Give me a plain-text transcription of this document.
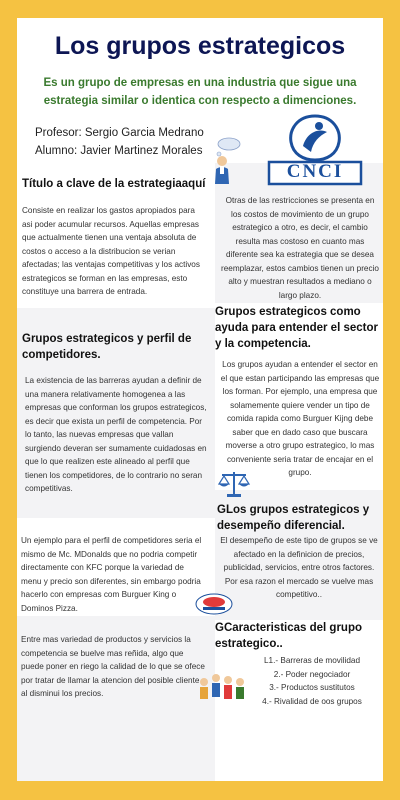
Los grupos estrategicos
Es un grupo de empresas en una industria que sigue una estrategia similar o identica con respecto a dimenciones.
Profesor: Sergio Garcia Medrano
Alumno: Javier Martinez Morales
CNCI
Título a clave de la estrategiaaquí
Consiste en realizar los gastos apropiados para asi poder acumular recursos. Aquellas empresas que actualmente tienen una ventaja absoluta de costos o acceso a la distribucion se verian afectadas; las ventajas competitivas y los activos estrategicos se forman en las empresas, esto constituye una barrera de entrada.
Otras de las restricciones se presenta en los costos de movimiento de un grupo estrategico a otro, es decir, el cambio resulta mas costoso en cuanto mas diferente sea ka estrategia que se desea reemplazar, estos cambios tienen un precio alto y muestran resultados a mediano o largo plazo.
Grupos estrategicos como ayuda para entender el sector y la competencia.
Los grupos ayudan a entender el sector en el que estan participando las empresas que los forman. Por ejemplo, una empresa que solamemente quiere vender un tipo de comida rapida como Burguer Kijng debe saber que en dado caso que buscara moverse a otro grupo estrategico, lo mas conveniente seria tratar de encajar en el grupo.
Grupos estrategicos y perfil de competidores.
La existencia de las barreras ayudan a definir de una manera relativamente homogenea a las empresas que conforman los grupos estrategicos, es decir que exista un perfil de competencia. Por lo tanto, las nuevas empresas que vallan surgiendo deveran ser sumamente cuidadosas en que lo que realizen este alineado al perfil que tienen los competidores, de lo contrario no seran competitivas.
GLos grupos estrategicos y desempeño diferencial.
El desempeño de este tipo de grupos se ve afectado en la definicion de precios, publicidad, servicios, entre otros factores. Por esa razon el mercado se vuelve mas competitivo..
Un ejemplo para el perfil de competidores seria el mismo de Mc. MDonalds que no podria competir directamente con KFC porque la variedad de menu y precio son diferentes, sin embargo podria hacerlo con empresas com Burguer King o Dominos Pizza.
GCaracteristicas del grupo estrategico..
L1.- Barreras de movilidad
2.- Poder negociador
3.- Productos sustitutos
4.- Rivalidad de oos grupos
Entre mas variedad de productos y servicios la competencia se buelve mas reñida, algo que puede poner en riego la calidad de lo que se ofece por tratar de llamar la atencion del posible cliente al disminui los precios.
